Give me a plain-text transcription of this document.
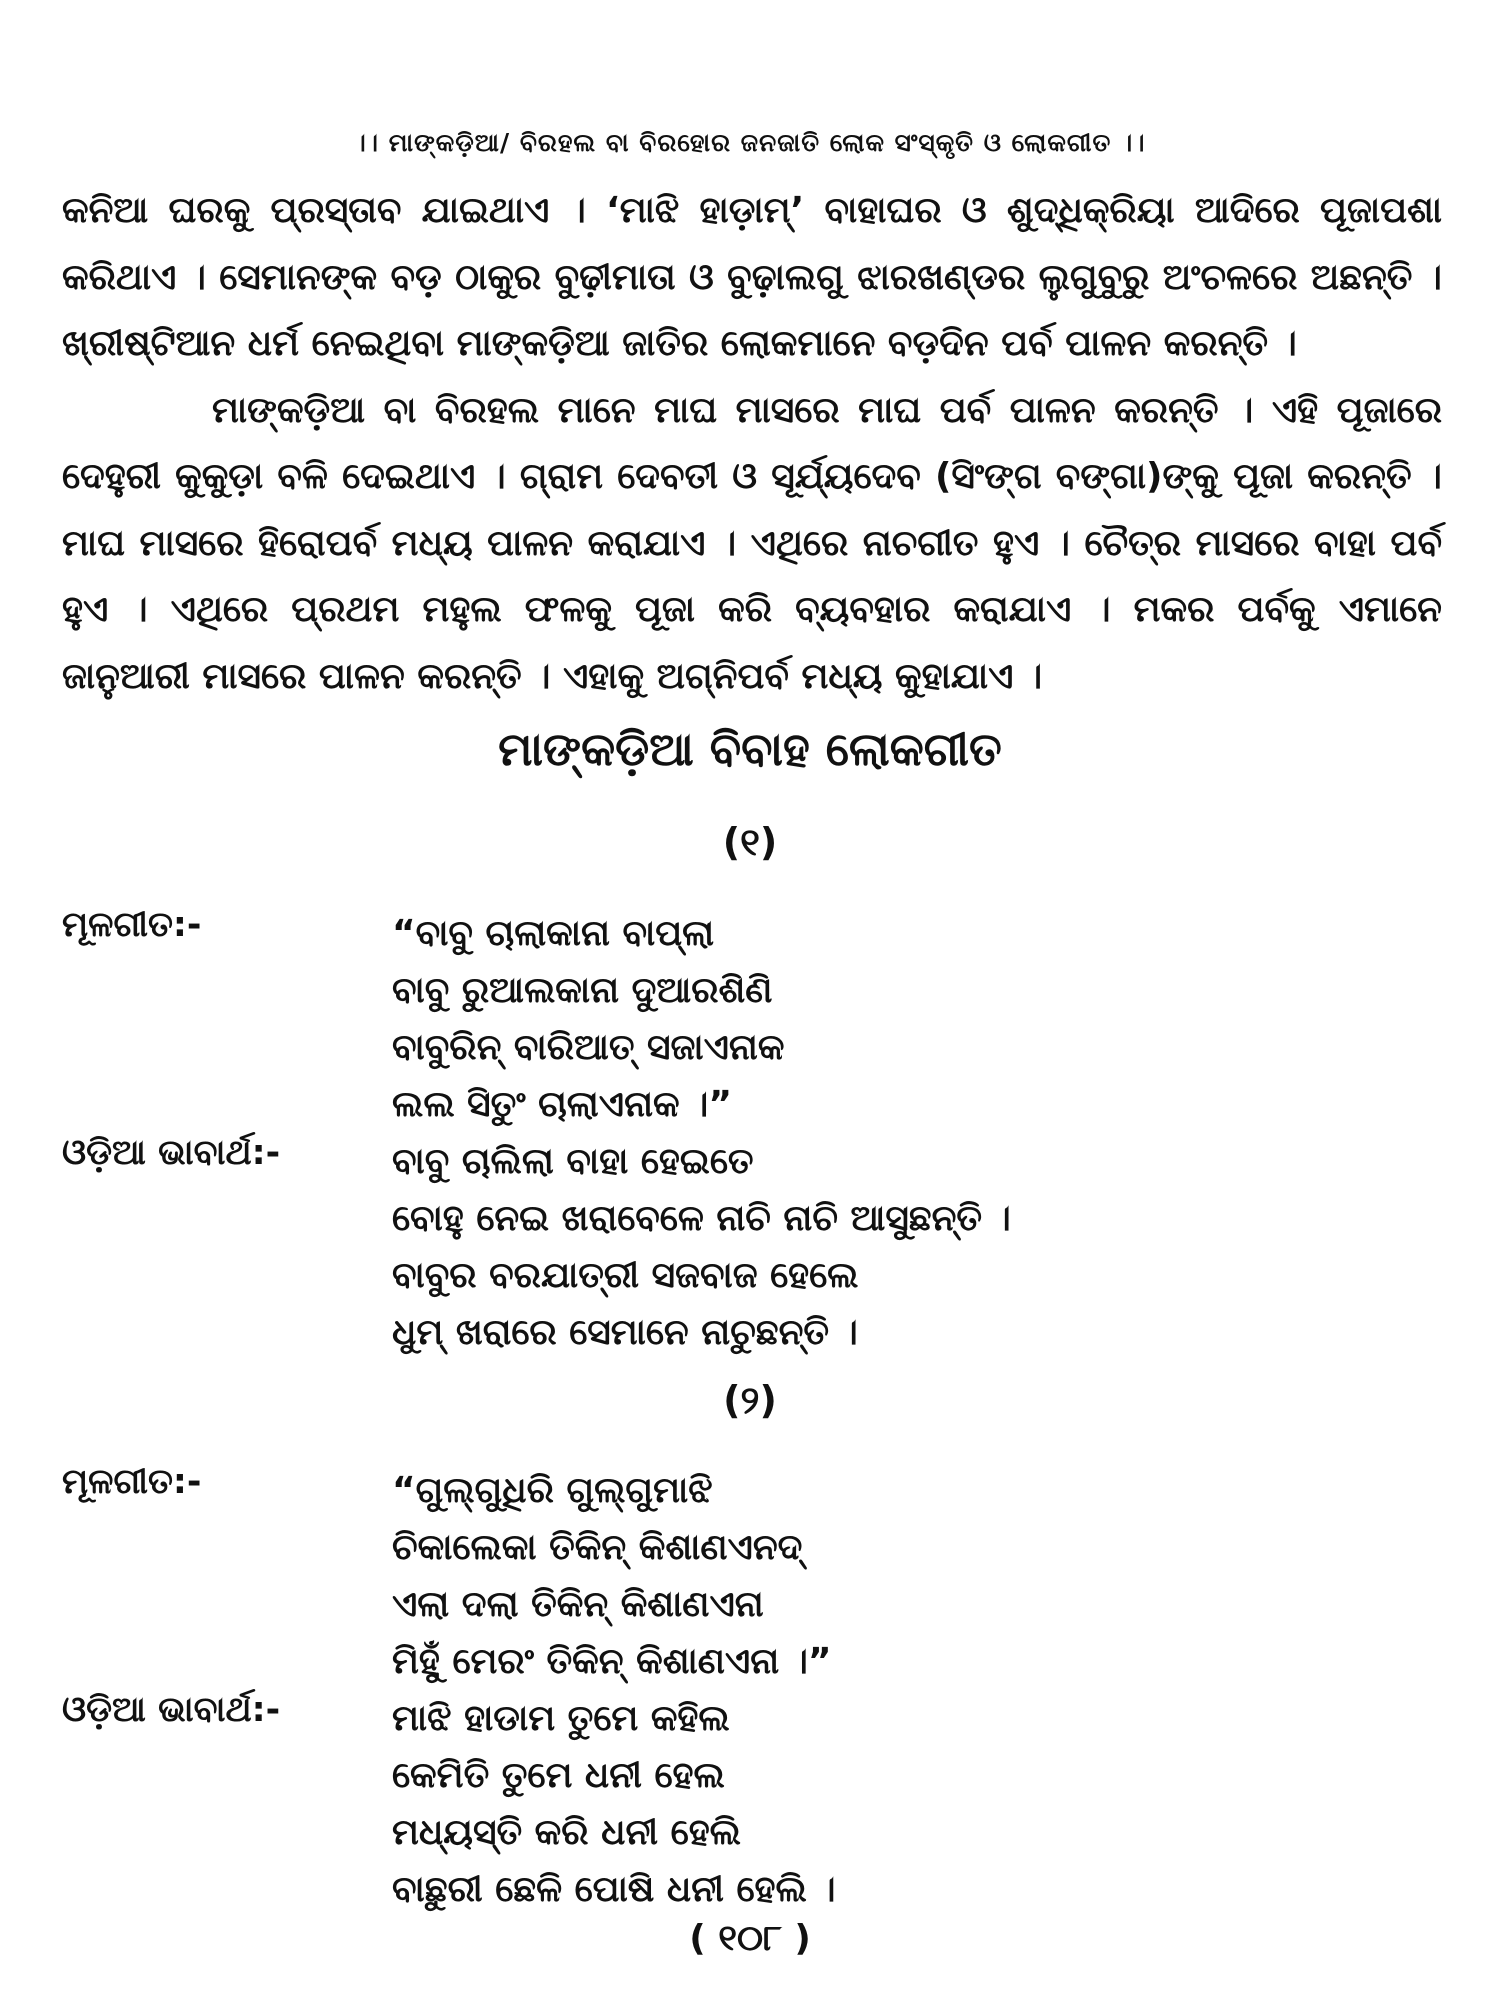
।। ମାଙ୍କଡ଼ିଆ/ ବିରହଲ ବା ବିରହୋର ଜନଜାତି ଲୋକ ସଂସ୍କୃତି ଓ ଲୋକଗୀତ ।।

କନିଆ ଘରକୁ ପ୍ରସ୍ତାବ ଯାଇଥାଏ । ‘ମାଝି ହାଡ଼ାମ୍’ ବାହାଘର ଓ ଶୁଦ୍ଧିକ୍ରିୟା ଆଦିରେ ପୂଜାପଶା କରିଥାଏ । ସେମାନଙ୍କ ବଡ଼ ଠାକୁର ବୁଢ଼ୀମାତା ଓ ବୁଢ଼ାଲଗୁ ଝାରଖଣ୍ଡର ଲୁଗୁବୁରୁ ଅଂଚଳରେ ଅଛନ୍ତି । ଖ୍ରୀଷ୍ଟିଆନ ଧର୍ମ ନେଇଥିବା ମାଙ୍କଡ଼ିଆ ଜାତିର ଲୋକମାନେ ବଡ଼ଦିନ ପର୍ବ ପାଳନ କରନ୍ତି ।

ମାଙ୍କଡ଼ିଆ ବା ବିରହଲ ମାନେ ମାଘ ମାସରେ ମାଘ ପର୍ବ ପାଳନ କରନ୍ତି । ଏହି ପୂଜାରେ ଦେହୁରୀ କୁକୁଡ଼ା ବଳି ଦେଇଥାଏ । ଗ୍ରାମ ଦେବତୀ ଓ ସୂର୍ଯ୍ୟଦେବ (ସିଂଙ୍ଗ ବଙ୍ଗା)ଙ୍କୁ ପୂଜା କରନ୍ତି । ମାଘ ମାସରେ ହିରୋପର୍ବ ମଧ୍ୟ ପାଳନ କରାଯାଏ । ଏଥିରେ ନାଚଗୀତ ହୁଏ । ଚୈତ୍ର ମାସରେ ବାହା ପର୍ବ ହୁଏ । ଏଥିରେ ପ୍ରଥମ ମହୁଲ ଫଳକୁ ପୂଜା କରି ବ୍ୟବହାର କରାଯାଏ । ମକର ପର୍ବକୁ ଏମାନେ ଜାନୁଆରୀ ମାସରେ ପାଳନ କରନ୍ତି । ଏହାକୁ ଅଗ୍ନିପର୍ବ ମଧ୍ୟ କୁହାଯାଏ ।

ମାଙ୍କଡ଼ିଆ ବିବାହ ଲୋକଗୀତ
(୧)
ମୂଳଗୀତ:-	“ବାବୁ ଚାଲାକାନା ବାପ୍‌ଲା
ବାବୁ ରୁଆଲକାନା ଦୁଆରଶିଣି
ବାବୁରିନ୍ ବାରିଆତ୍ ସଜାଏନାକ
ଲଲ ସିତୁଂ ଚାଲାଏନାକ ।”
ଓଡ଼ିଆ ଭାବାର୍ଥ:-	ବାବୁ ଚାଲିଲା ବାହା ହେଇତେ
ବୋହୁ ନେଇ ଖରାବେଳେ ନାଚି ନାଚି ଆସୁଛନ୍ତି ।
ବାବୁର ବରଯାତ୍ରୀ ସଜବାଜ ହେଲେ
ଧୁମ୍ ଖରାରେ ସେମାନେ ନାଚୁଛନ୍ତି ।
(୨)
ମୂଳଗୀତ:-	“ଗୁଲ୍‌ଗୁଧିରି ଗୁଲ୍‌ଗୁମାଝି
ଚିକାଲେକା ତିକିନ୍ କିଶାଣଏନଦ୍
ଏଲା ଦଲା ତିକିନ୍ କିଶାଣଏନା
ମିହୁଁ ମେରଂ ତିକିନ୍ କିଶାଣଏନା ।”
ଓଡ଼ିଆ ଭାବାର୍ଥ:-	ମାଝି ହାଡାମ ତୁମେ କହିଲ
କେମିତି ତୁମେ ଧନୀ ହେଲ
ମଧ୍ୟସ୍ତି କରି ଧନୀ ହେଲି
ବାଛୁରୀ ଛେଳି ପୋଷି ଧନୀ ହେଲି ।
( ୧୦୮ )
